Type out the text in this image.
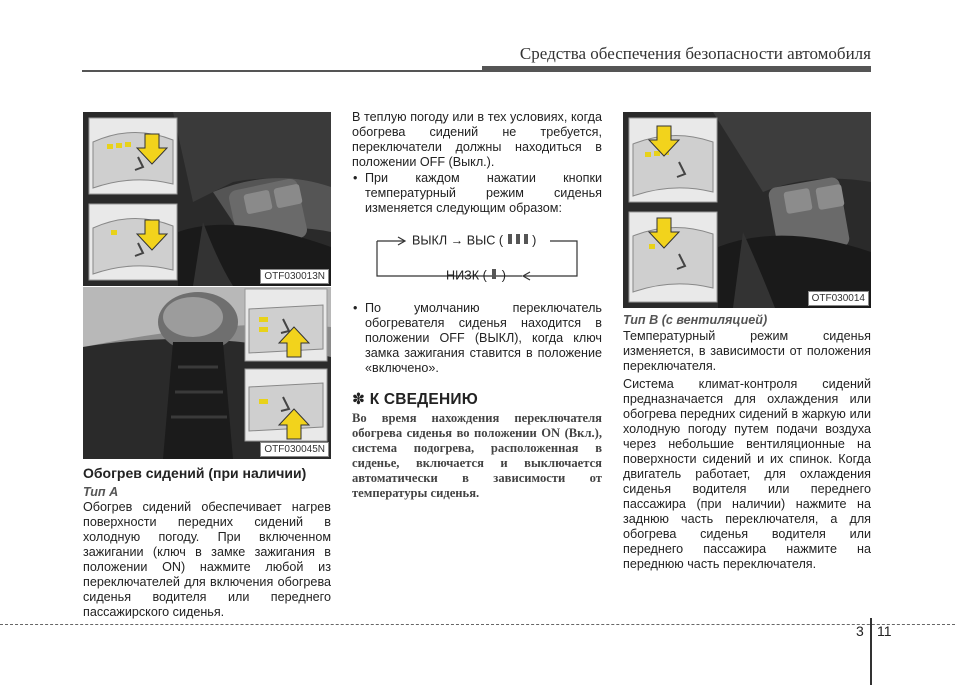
Средства обеспечения безопасности автомобиля
OTF030013N
OTF030045N
OTF030014
Обогрев сидений (при наличии)
Тип A

Обогрев сидений обеспечивает нагрев поверхности передних сидений в холодную погоду. При включенном зажигании (ключ в замке зажигания в положении ON) нажмите любой из переключателей для включения обогрева сиденья водителя или переднего пассажирского сиденья.

В теплую погоду или в тех условиях, когда обогрева сидений не требуется, переключатели должны находиться в положении OFF (Выкл.).

• При каждом нажатии кнопки температурный режим сиденья изменяется следующим образом:

ВЫКЛ → ВЫС ( )
НИЗК ( )
• По умолчанию переключатель обогревателя сиденья находится в положении OFF (ВЫКЛ), когда ключ замка зажигания ставится в положение «включено».

✽ К СВЕДЕНИЮ

Во время нахождения переключателя обогрева сиденья во положении ON (Вкл.), система подогрева, расположенная в сиденье, включается и выключается автоматически в зависимости от температуры сиденья.

Тип B (с вентиляцией)

Температурный режим сиденья изменяется, в зависимости от положения переключателя.

Система климат-контроля сидений предназначается для охлаждения или обогрева передних сидений в жаркую или холодную погоду путем подачи воздуха через небольшие вентиляционные на поверхности сидений и их спинок. Когда двигатель работает, для охлаждения сиденья водителя или переднего пассажира (при наличии) нажмите на заднюю часть переключателя, а для обогрева сиденья водителя или переднего пассажира нажмите на переднюю часть переключателя.

3 11
